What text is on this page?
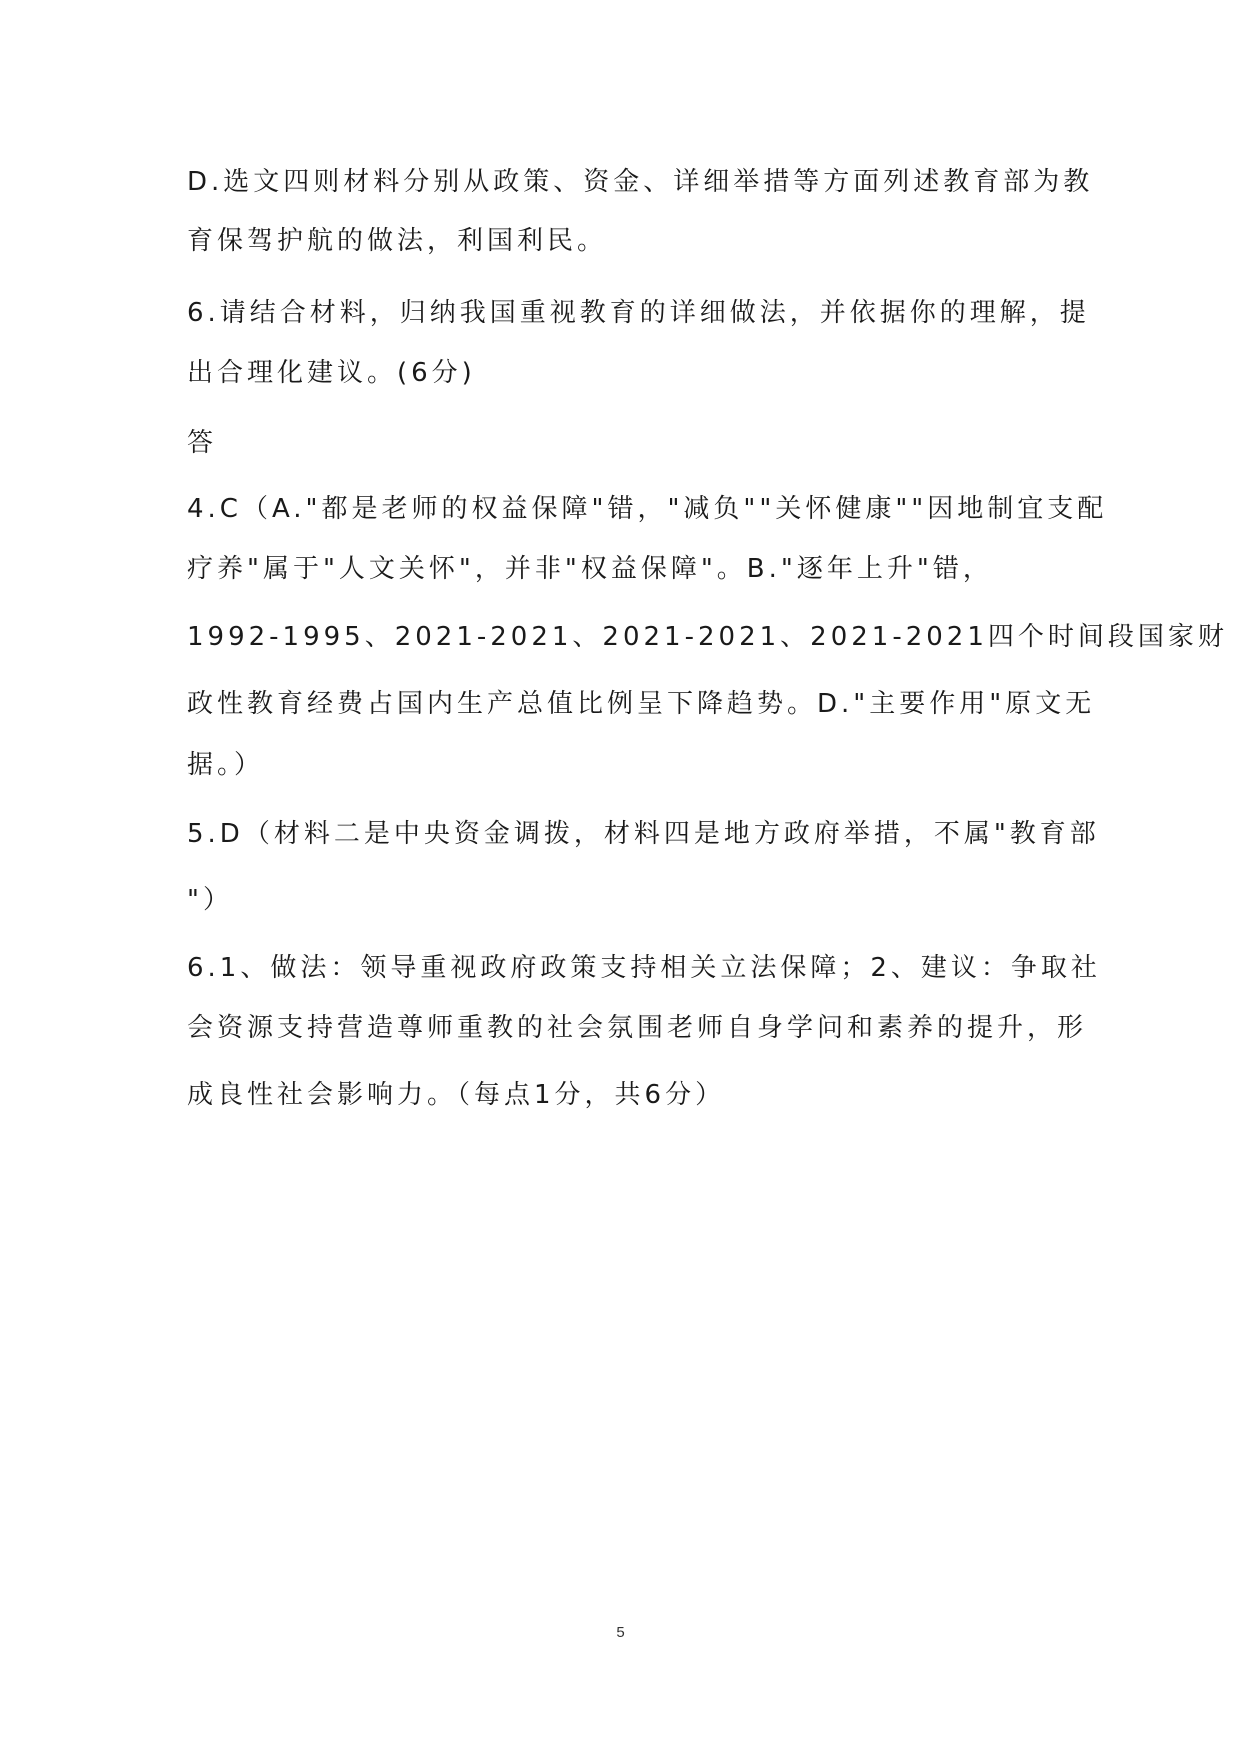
D.选文四则材料分别从政策、资金、详细举措等方面列述教育部为教
育保驾护航的做法，利国利民。
6.请结合材料，归纳我国重视教育的详细做法，并依据你的理解，提
出合理化建议。(6分)
答
4.C（A."都是老师的权益保障"错，"减负""关怀健康""因地制宜支配
疗养"属于"人文关怀"，并非"权益保障"。B."逐年上升"错，
1992-1995、2021-2021、2021-2021、2021-2021四个时间段国家财
政性教育经费占国内生产总值比例呈下降趋势。D."主要作用"原文无
据。）
5.D（材料二是中央资金调拨，材料四是地方政府举措，不属"教育部
"）
6.1、做法：领导重视政府政策支持相关立法保障；2、建议：争取社
会资源支持营造尊师重教的社会氛围老师自身学问和素养的提升，形
成良性社会影响力。（每点1分，共6分）
5
